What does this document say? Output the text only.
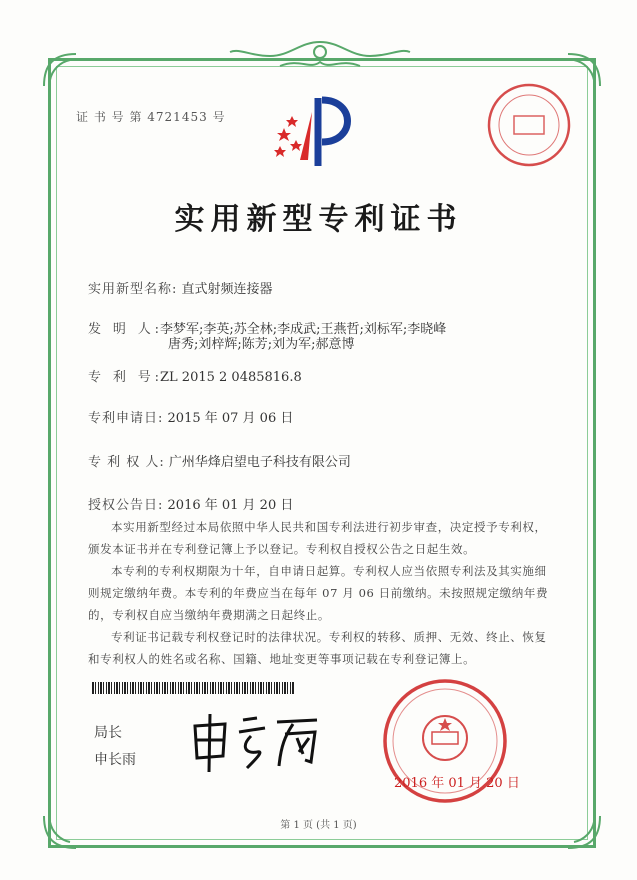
证 书 号 第 4721453 号
实用新型专利证书
实用新型名称: 直式射频连接器
发 明 人:李梦军;李英;苏全林;李成武;王燕哲;刘标军;李晓峰
唐秀;刘梓辉;陈芳;刘为军;郝意博
专 利 号:ZL 2015 2 0485816.8
专利申请日: 2015 年 07 月 06 日
专 利 权 人: 广州华烽启望电子科技有限公司
授权公告日: 2016 年 01 月 20 日
本实用新型经过本局依照中华人民共和国专利法进行初步审查，决定授予专利权，颁发本证书并在专利登记簿上予以登记。专利权自授权公告之日起生效。
本专利的专利权期限为十年，自申请日起算。专利权人应当依照专利法及其实施细则规定缴纳年费。本专利的年费应当在每年 07 月 06 日前缴纳。未按照规定缴纳年费的，专利权自应当缴纳年费期满之日起终止。
专利证书记载专利权登记时的法律状况。专利权的转移、质押、无效、终止、恢复和专利权人的姓名或名称、国籍、地址变更等事项记载在专利登记簿上。
局长
申长雨
2016 年 01 月 20 日
第 1 页 (共 1 页)
